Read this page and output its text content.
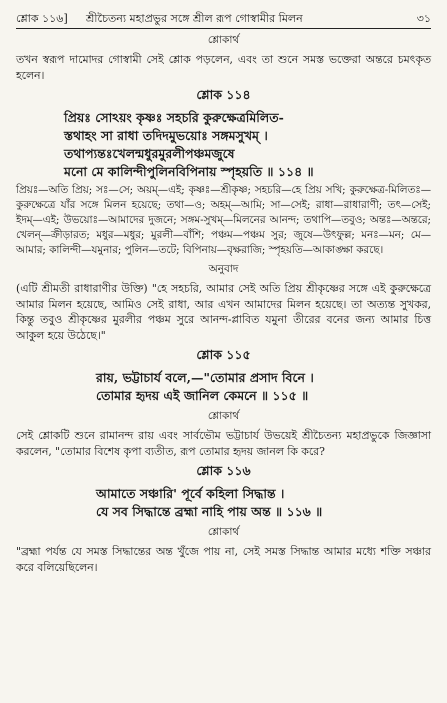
শ্লোক ১১৬] শ্রীচৈতন্য মহাপ্রভুর সঙ্গে শ্রীল রূপ গোস্বামীর মিলন	৩১
শ্লোকার্থ

তখন স্বরূপ দামোদর গোস্বামী সেই শ্লোক পড়লেন, এবং তা শুনে সমস্ত ভক্তেরা অন্তরে চমৎকৃত হলেন।

শ্লোক ১১৪

প্রিয়ঃ সোঽয়ং কৃষ্ণঃ সহচরি কুরুক্ষেত্রমিলিত-

স্তথাহং সা রাধা তদিদমুভয়োঃ সঙ্গমসুখম্ ।

তথাপ্যন্তঃখেলন্মধুরমুরলীপঞ্চমজুষে

মনো মে কালিন্দীপুলিনবিপিনায় স্পৃহয়তি ॥ ১১৪ ॥

প্রিয়ঃ—অতি প্রিয়; সঃ—সে; অয়ম্—এই; কৃষ্ণঃ—শ্রীকৃষ্ণ; সহচরি—হে প্রিয় সখি; কুরুক্ষেত্র-মিলিতঃ—কুরুক্ষেত্রে যাঁর সঙ্গে মিলন হয়েছে; তথা—ও; অহম্—আমি; সা—সেই; রাধা—রাধারাণী; তৎ—সেই; ইদম্—এই; উভয়োঃ—আমাদের দুজনে; সঙ্গম-সুখম্—মিলনের আনন্দ; তথাপি—তবুও; অন্তঃ—অন্তরে; খেলন্—ক্রীড়ারত; মধুর—মধুর; মুরলী—বাঁশি; পঞ্চম—পঞ্চম সুর; জুষে—উৎফুল্ল; মনঃ—মন; মে—আমার; কালিন্দী—যমুনার; পুলিন—তটে; বিপিনায়—বৃক্ষরাজি; স্পৃহয়তি—আকাঙ্ক্ষা করছে।

অনুবাদ

(এটি শ্রীমতী রাধারাণীর উক্তি) "হে সহচরি, আমার সেই অতি প্রিয় শ্রীকৃষ্ণের সঙ্গে এই কুরুক্ষেত্রে আমার মিলন হয়েছে, আমিও সেই রাধা, আর এখন আমাদের মিলন হয়েছে। তা অত্যন্ত সুখকর, কিন্তু তবুও শ্রীকৃষ্ণের মুরলীর পঞ্চম সুরে আনন্দ-প্লাবিত যমুনা তীরের বনের জন্য আমার চিত্ত আকুল হয়ে উঠেছে।"

শ্লোক ১১৫

রায়, ভট্টাচার্য বলে,—"তোমার প্রসাদ বিনে ।

তোমার হৃদয় এই জানিল কেমনে ॥ ১১৫ ॥

শ্লোকার্থ

সেই শ্লোকটি শুনে রামানন্দ রায় এবং সার্বভৌম ভট্টাচার্য উভয়েই শ্রীচৈতন্য মহাপ্রভুকে জিজ্ঞাসা করলেন, "তোমার বিশেষ কৃপা ব্যতীত, রূপ তোমার হৃদয় জানল কি করে?

শ্লোক ১১৬

আমাতে সঞ্চারি' পূর্বে কহিলা সিদ্ধান্ত ।

যে সব সিদ্ধান্তে ব্রহ্মা নাহি পায় অন্ত ॥ ১১৬ ॥

শ্লোকার্থ

"ব্রহ্মা পর্যন্ত যে সমস্ত সিদ্ধান্তের অন্ত খুঁজে পায় না, সেই সমস্ত সিদ্ধান্ত আমার মধ্যে শক্তি সঞ্চার করে বলিয়েছিলেন।
